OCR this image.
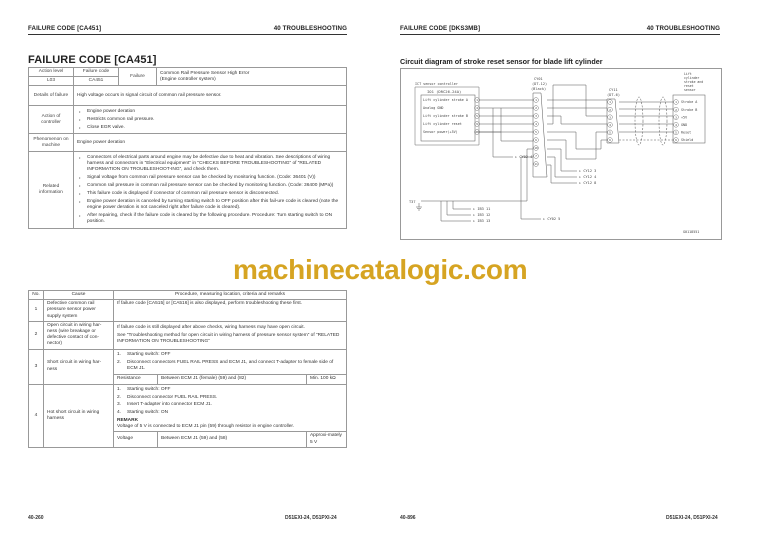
FAILURE CODE [CA451]	40 TROUBLESHOOTING
FAILURE CODE [CA451]
Action level	Failure code	Failure	Common Rail Pressure Sensor High Error
(Engine controller system)

L03	CA451		
Details of failure	High voltage occurs in signal circuit of common rail pressure sensor.		
Action of controller	
• Engine power deration
• Restricts common rail pressure.
• Close EGR valve.

Phenomenon on machine	Engine power deration		
Related information	
• Connectors of electrical parts around engine may be defective due to heat and vibration. See descriptions of wiring harness and connectors in “Electrical equipment” in “CHECKS BEFORE TROUBLESHOOTING” of “RELATED INFORMATION ON TROUBLESHOOT-ING”, and check them.
• Signal voltage from common rail pressure sensor can be checked by monitoring function. (Code: 36401 (V))
• Common rail pressure in common rail pressure sensor can be checked by monitoring function. (Code: 36400 (MPa))
• This failure code is displayed if connector of common rail pressure sensor is disconnected.
• Engine power deration is canceled by turning starting switch to OFF position after this fail-ure code is cleared (note the engine power deration is not canceled right after failure code is cleared).
• After repairing, check if the failure code is cleared by the following procedure. Procedure: Turn starting switch to ON position.
No.	Cause	Procedure, measuring location, criteria and remarks		
1	Defective common rail pressure sensor power supply system	If failure code [CA515] or [CA516] is also displayed, perform troubleshooting these first.		
2	Open circuit in wiring har-ness (wire breakage or defective contact of con-nector)	If failure code is still displayed after above checks, wiring harness may have open circuit.
See “Troubleshooting method for open circuit in wiring harness of pressure sensor system” of “RELATED INFORMATION ON TROUBLESHOOTING”		

3	Short circuit in wiring har-ness	
1. Starting switch: OFF
2. Disconnect connectors FUEL RAIL PRESS and ECM J1, and connect T-adapter to female side of ECM J1.

		Resistance	Between ECM J1 (female) (59) and (82)	Min. 100 kΩ
4	Hot short circuit in wiring harness	
1. Starting switch: OFF
2. Disconnect connector FUEL RAIL PRESS.
3. Insert T-adapter into connector ECM J1.
4. Starting switch: ON
REMARK
Voltage of 5 V is connected to ECM J1 pin (59) through resistor in engine controller.

		Voltage	Between ECM J1 (59) and (58)	Approxi-mately 5 V
40-260	D51EXI-24, D51PXI-24
FAILURE CODE [DKS3MB]	40 TROUBLESHOOTING
Circuit diagram of stroke reset sensor for blade lift cylinder
ICT sensor controller
IO1 (DRC26-24A)
Lift cylinder stroke A	1
Analog GND	4
Lift cylinder stroke B	5
Lift cylinder reset	9
Sensor power(+5V)	20
CY01
(DT-12)
(Black)
1
2
3
4
5
6
10
7
11
CY11
(DT-6)
1
2
3
4
5
6
Lift
cylinder
stroke and
reset
sensor
1 Stroke A
2 Stroke B
3 +5V
4 GND
5 Reset
6 Shield
▸ CY02 4
▸ CY12 3
▸ CY12 4
▸ CY12 8
▸ IB3 11
▸ IB3 12
▸ IB3 13	▸ CY02 5
T37
G0118551
40-896	D51EXI-24, D51PXI-24
machinecatalogic.com
